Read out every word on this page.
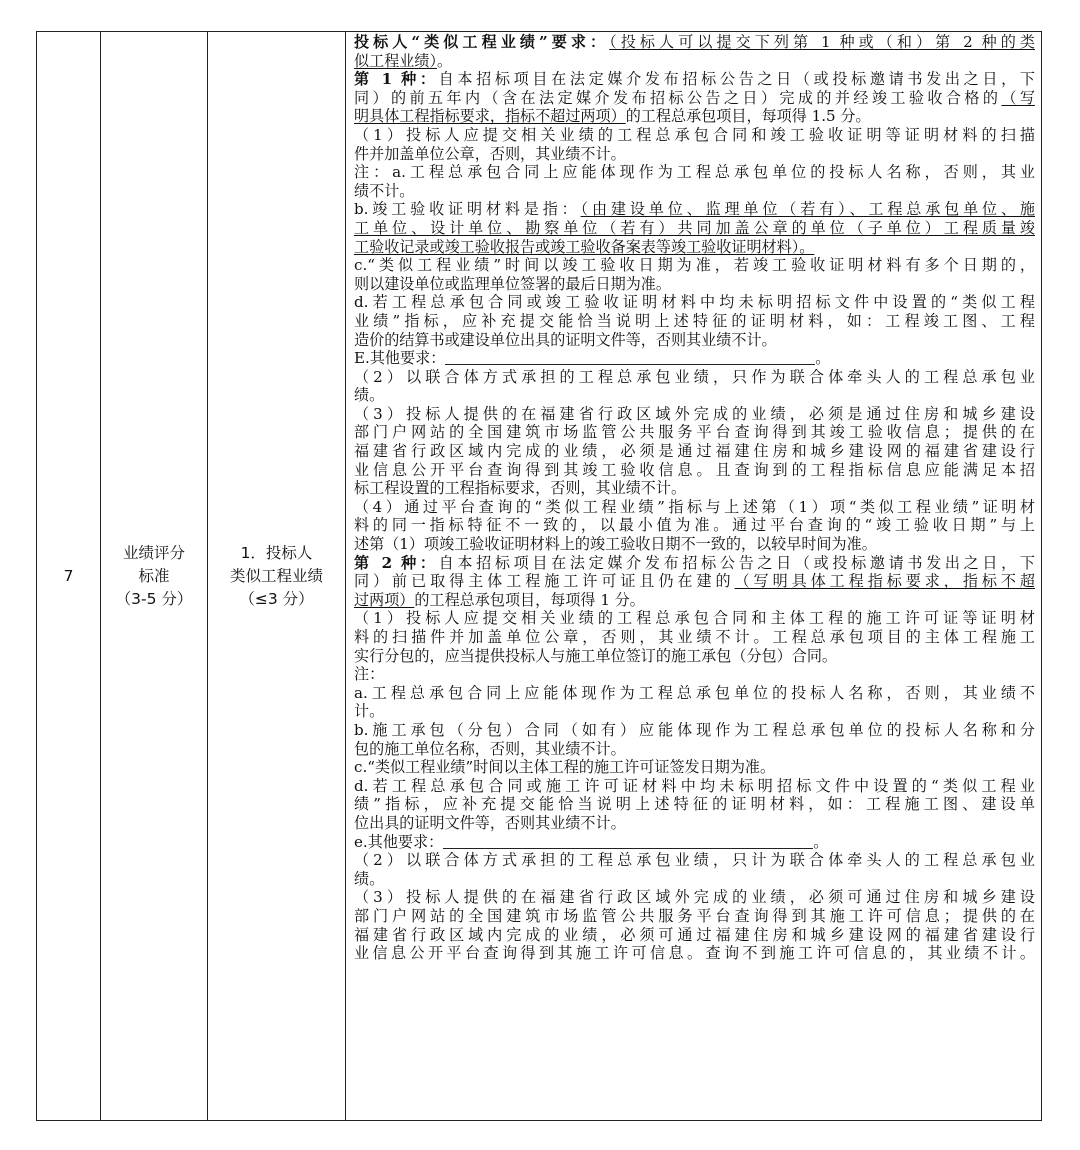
7

业绩评分
标准
（3-5 分）

1．投标人
类似工程业绩
（≤3 分）

投标人“类似工程业绩”要求：（投标人可以提交下列第 1 种或（和）第 2 种的类

似工程业绩）。

第 1 种：自本招标项目在法定媒介发布招标公告之日（或投标邀请书发出之日，下

同）的前五年内（含在法定媒介发布招标公告之日）完成的并经竣工验收合格的（写

明具体工程指标要求，指标不超过两项）的工程总承包项目，每项得 1.5 分。

（1）投标人应提交相关业绩的工程总承包合同和竣工验收证明等证明材料的扫描

件并加盖单位公章，否则，其业绩不计。

注：a.工程总承包合同上应能体现作为工程总承包单位的投标人名称，否则，其业

绩不计。

b.竣工验收证明材料是指：（由建设单位、监理单位（若有）、工程总承包单位、施

工单位、设计单位、勘察单位（若有）共同加盖公章的单位（子单位）工程质量竣

工验收记录或竣工验收报告或竣工验收备案表等竣工验收证明材料）。

c.“类似工程业绩”时间以竣工验收日期为准，若竣工验收证明材料有多个日期的，

则以建设单位或监理单位签署的最后日期为准。

d.若工程总承包合同或竣工验收证明材料中均未标明招标文件中设置的“类似工程

业绩”指标，应补充提交能恰当说明上述特征的证明材料，如：工程竣工图、工程

造价的结算书或建设单位出具的证明文件等，否则其业绩不计。

E.其他要求：	。

（2）以联合体方式承担的工程总承包业绩，只作为联合体牵头人的工程总承包业

绩。

（3）投标人提供的在福建省行政区域外完成的业绩，必须是通过住房和城乡建设

部门户网站的全国建筑市场监管公共服务平台查询得到其竣工验收信息；提供的在

福建省行政区域内完成的业绩，必须是通过福建住房和城乡建设网的福建省建设行

业信息公开平台查询得到其竣工验收信息。且查询到的工程指标信息应能满足本招

标工程设置的工程指标要求，否则，其业绩不计。

（4）通过平台查询的“类似工程业绩”指标与上述第（1）项“类似工程业绩”证明材

料的同一指标特征不一致的，以最小值为准。通过平台查询的“竣工验收日期”与上

述第（1）项竣工验收证明材料上的竣工验收日期不一致的，以较早时间为准。

第 2 种：自本招标项目在法定媒介发布招标公告之日（或投标邀请书发出之日，下

同）前已取得主体工程施工许可证且仍在建的（写明具体工程指标要求，指标不超

过两项）的工程总承包项目，每项得 1 分。

（1）投标人应提交相关业绩的工程总承包合同和主体工程的施工许可证等证明材

料的扫描件并加盖单位公章，否则，其业绩不计。工程总承包项目的主体工程施工

实行分包的，应当提供投标人与施工单位签订的施工承包（分包）合同。

注：

a.工程总承包合同上应能体现作为工程总承包单位的投标人名称，否则，其业绩不

计。

b.施工承包（分包）合同（如有）应能体现作为工程总承包单位的投标人名称和分

包的施工单位名称，否则，其业绩不计。

c.“类似工程业绩”时间以主体工程的施工许可证签发日期为准。

d.若工程总承包合同或施工许可证材料中均未标明招标文件中设置的“类似工程业

绩”指标，应补充提交能恰当说明上述特征的证明材料，如：工程施工图、建设单

位出具的证明文件等，否则其业绩不计。

e.其他要求：	。

（2）以联合体方式承担的工程总承包业绩，只计为联合体牵头人的工程总承包业

绩。

（3）投标人提供的在福建省行政区域外完成的业绩，必须可通过住房和城乡建设

部门户网站的全国建筑市场监管公共服务平台查询得到其施工许可信息；提供的在

福建省行政区域内完成的业绩，必须可通过福建住房和城乡建设网的福建省建设行

业信息公开平台查询得到其施工许可信息。查询不到施工许可信息的，其业绩不计。
